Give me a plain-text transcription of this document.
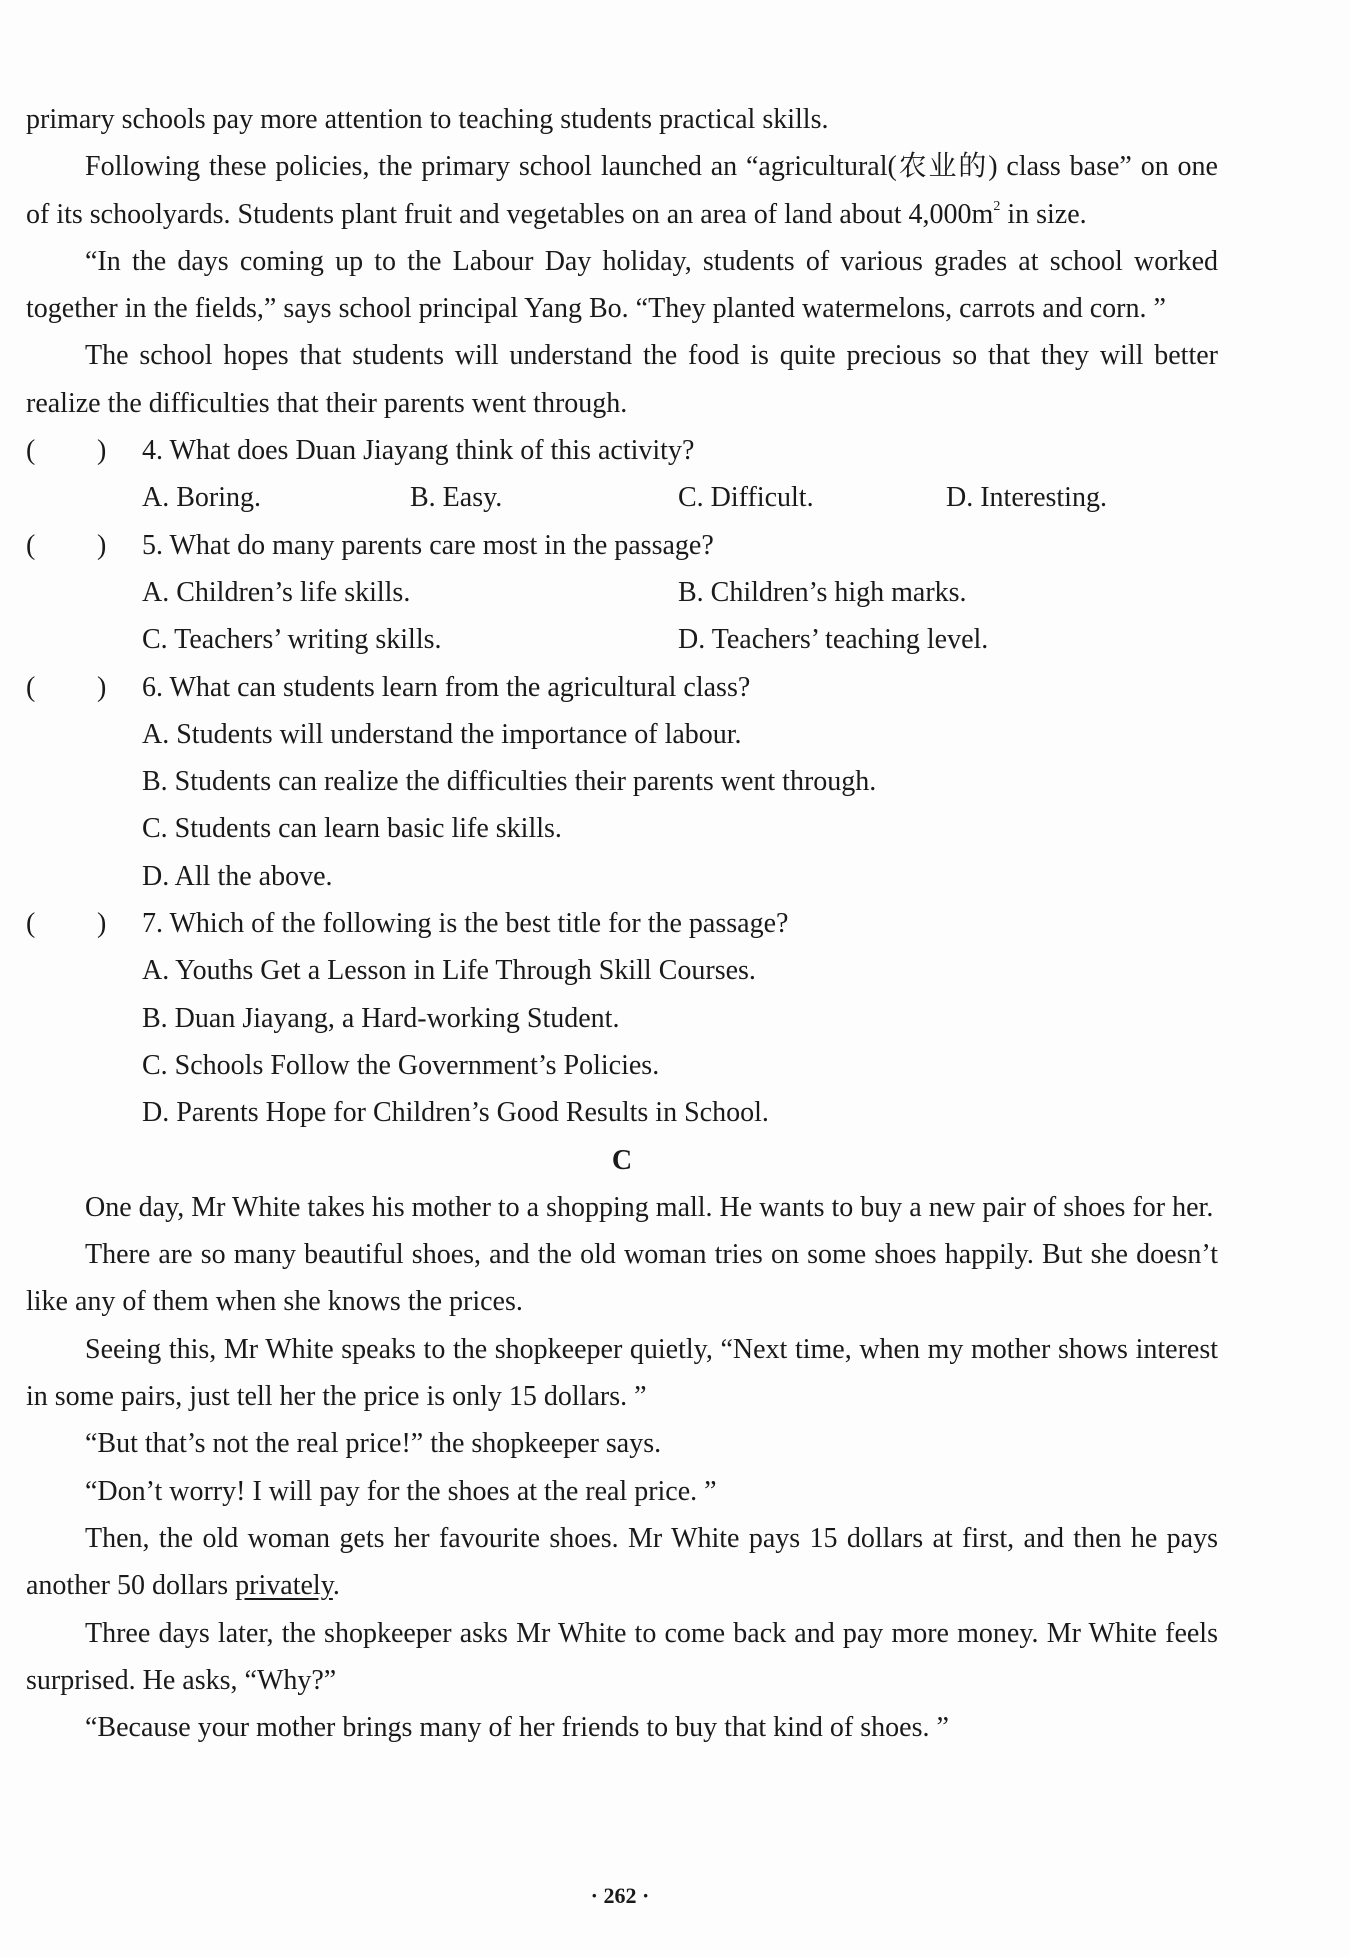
primary schools pay more attention to teaching students practical skills.

Following these policies, the primary school launched an “agricultural(农业的) class base” on one of its schoolyards. Students plant fruit and vegetables on an area of land about $4,000m^2$ in size.

“In the days coming up to the Labour Day holiday, students of various grades at school worked together in the fields,” says school principal Yang Bo. “They planted watermelons, carrots and corn. ”

The school hopes that students will understand the food is quite precious so that they will better realize the difficulties that their parents went through.

( ) 4. What does Duan Jiayang think of this activity?
A. Boring.	B. Easy.	C. Difficult.	D. Interesting.
( ) 5. What do many parents care most in the passage?
A. Children’s life skills.	B. Children’s high marks.
C. Teachers’ writing skills.	D. Teachers’ teaching level.
( ) 6. What can students learn from the agricultural class?
A. Students will understand the importance of labour.
B. Students can realize the difficulties their parents went through.
C. Students can learn basic life skills.
D. All the above.
( ) 7. Which of the following is the best title for the passage?
A. Youths Get a Lesson in Life Through Skill Courses.
B. Duan Jiayang, a Hard-working Student.
C. Schools Follow the Government’s Policies.
D. Parents Hope for Children’s Good Results in School.
C

One day, Mr White takes his mother to a shopping mall. He wants to buy a new pair of shoes for her.

There are so many beautiful shoes, and the old woman tries on some shoes happily. But she doesn’t like any of them when she knows the prices.

Seeing this, Mr White speaks to the shopkeeper quietly, “Next time, when my mother shows interest in some pairs, just tell her the price is only 15 dollars. ”

“But that’s not the real price!” the shopkeeper says.

“Don’t worry! I will pay for the shoes at the real price. ”

Then, the old woman gets her favourite shoes. Mr White pays 15 dollars at first, and then he pays another 50 dollars privately.

Three days later, the shopkeeper asks Mr White to come back and pay more money. Mr White feels surprised. He asks, “Why?”

“Because your mother brings many of her friends to buy that kind of shoes. ”

· 262 ·
